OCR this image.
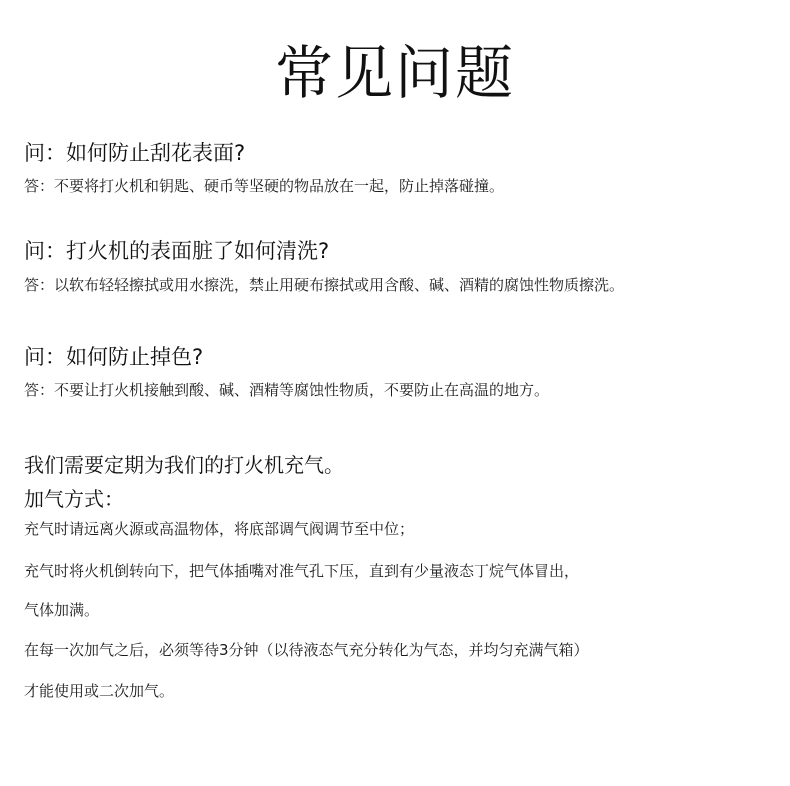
常见问题
问：如何防止刮花表面?
答：不要将打火机和钥匙、硬币等坚硬的物品放在一起，防止掉落碰撞。
问：打火机的表面脏了如何清洗?
答：以软布轻轻擦拭或用水擦洗，禁止用硬布擦拭或用含酸、碱、酒精的腐蚀性物质擦洗。
问：如何防止掉色?
答：不要让打火机接触到酸、碱、酒精等腐蚀性物质，不要防止在高温的地方。
我们需要定期为我们的打火机充气。
加气方式：
充气时请远离火源或高温物体，将底部调气阀调节至中位；
充气时将火机倒转向下，把气体插嘴对准气孔下压，直到有少量液态丁烷气体冒出，
气体加满。
在每一次加气之后，必须等待3分钟（以待液态气充分转化为气态，并均匀充满气箱）
才能使用或二次加气。
